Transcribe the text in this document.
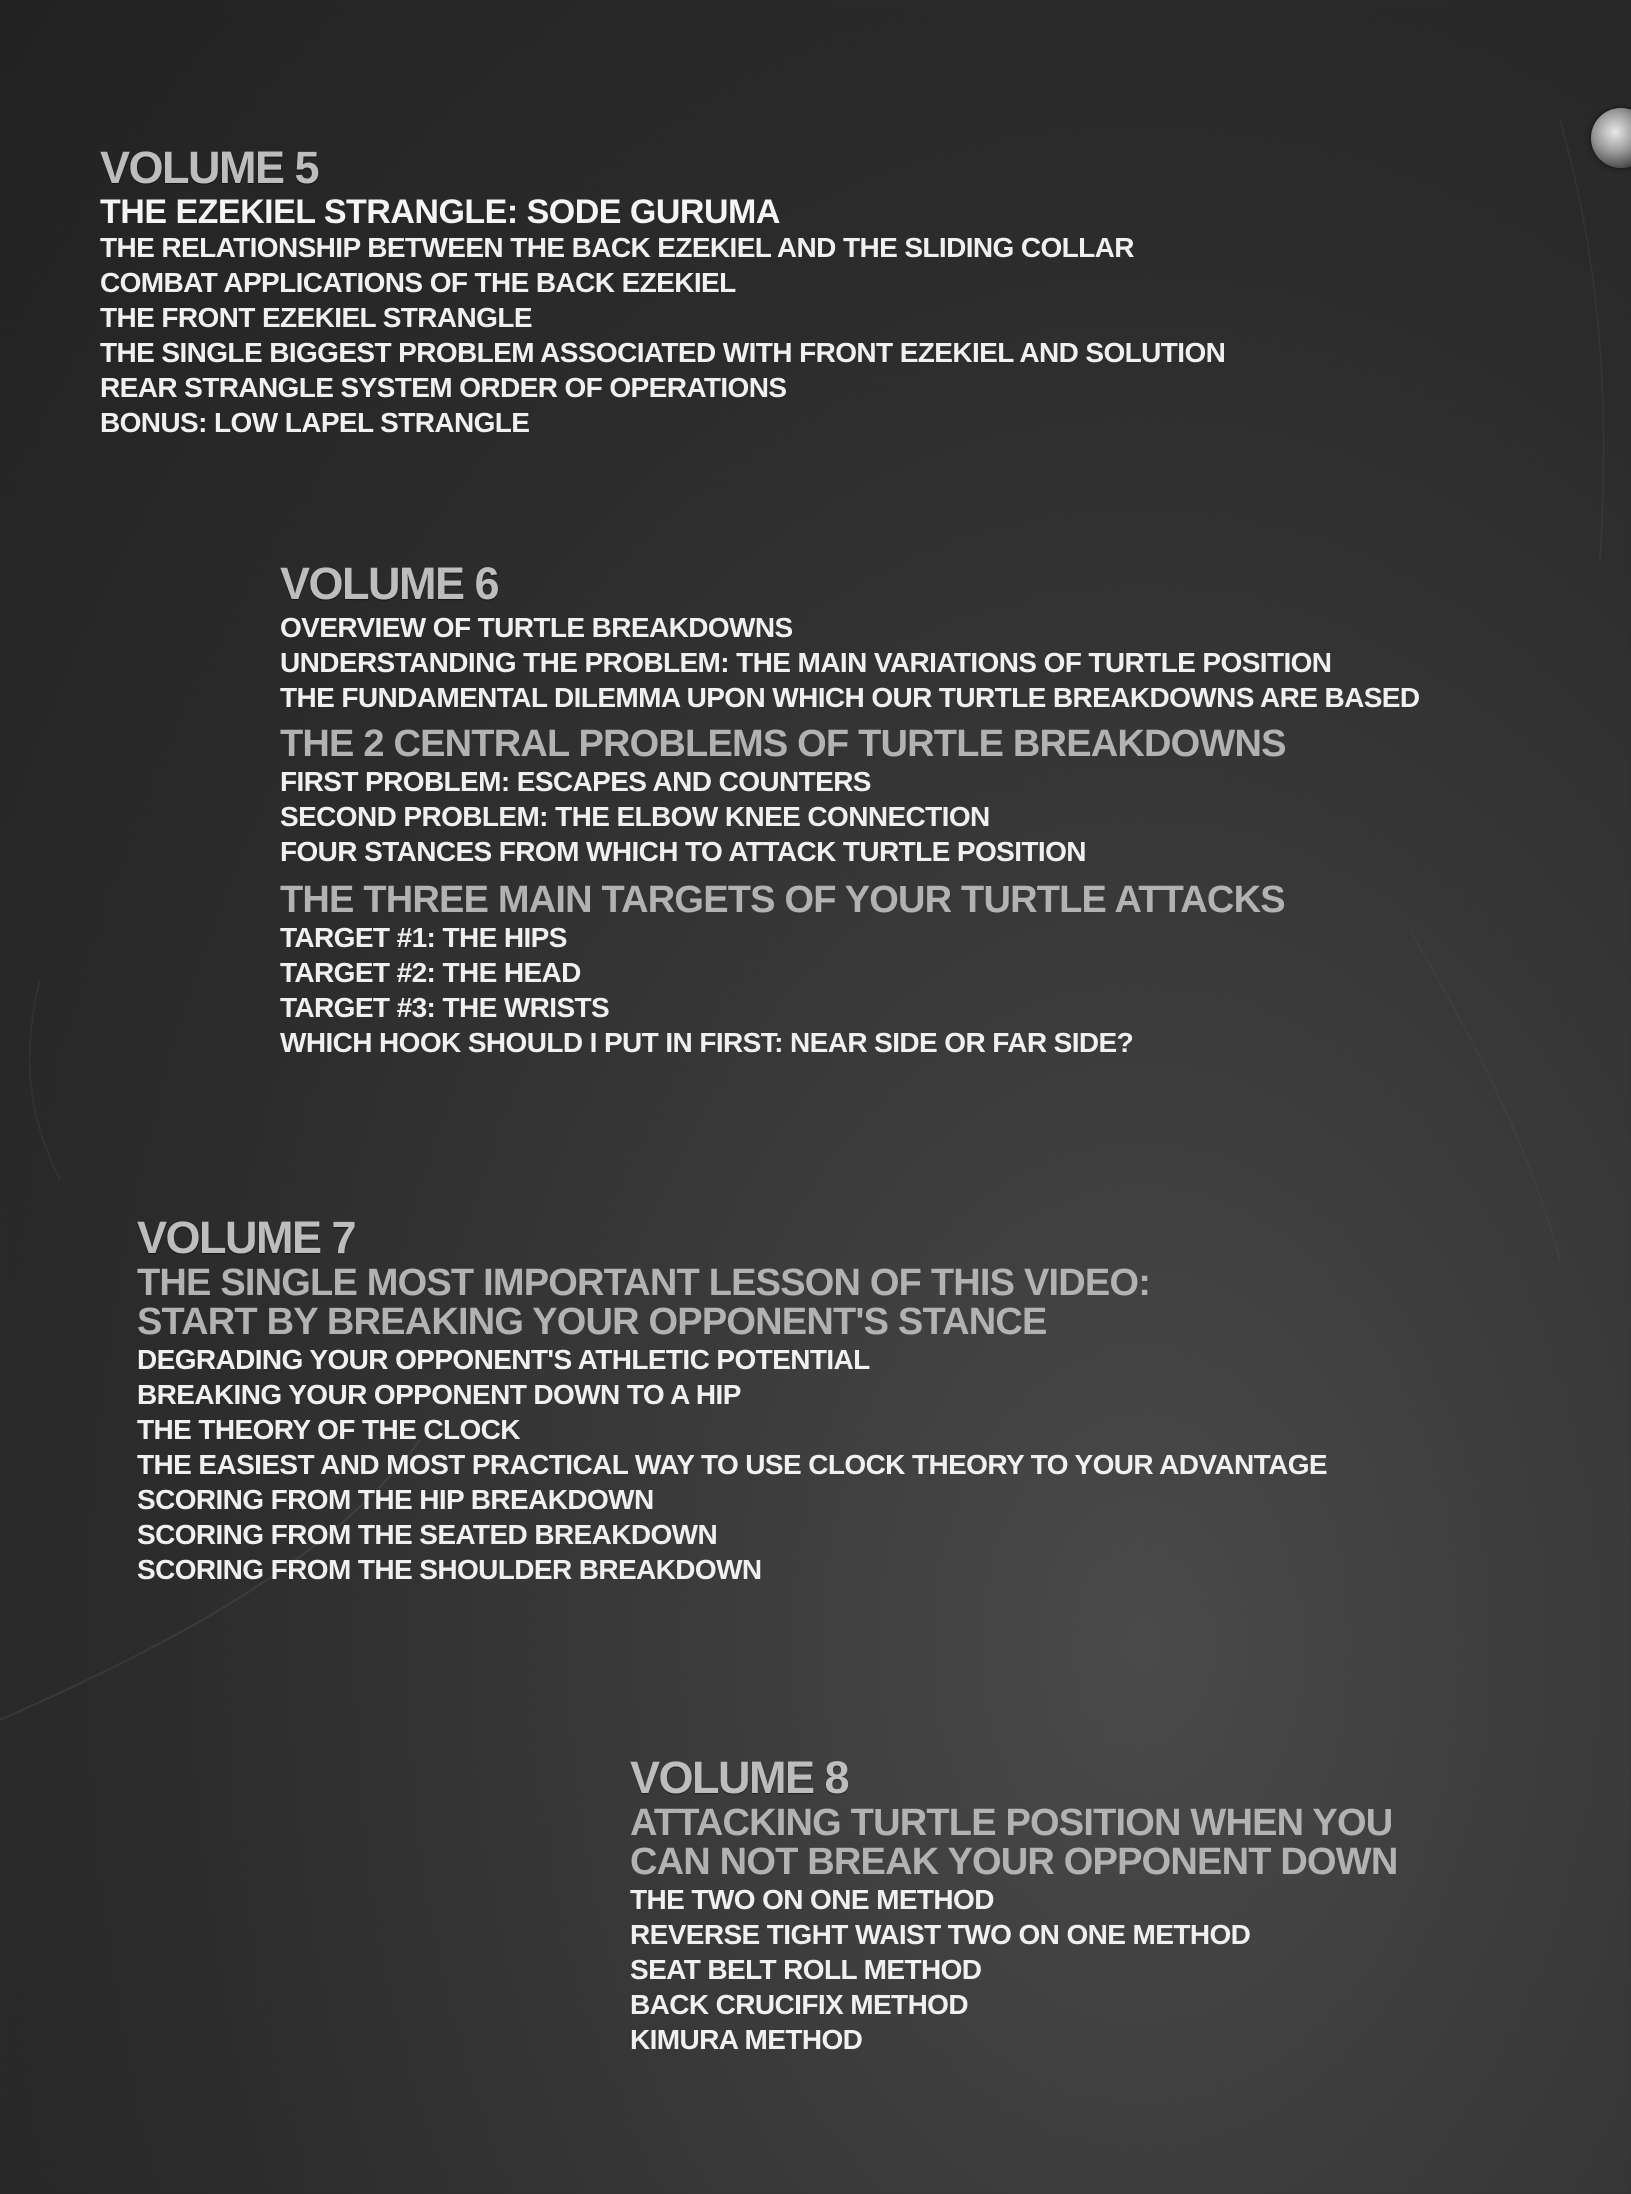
VOLUME 5
THE EZEKIEL STRANGLE: SODE GURUMA
THE RELATIONSHIP BETWEEN THE BACK EZEKIEL AND THE SLIDING COLLAR
COMBAT APPLICATIONS OF THE BACK EZEKIEL
THE FRONT EZEKIEL STRANGLE
THE SINGLE BIGGEST PROBLEM ASSOCIATED WITH FRONT EZEKIEL AND SOLUTION
REAR STRANGLE SYSTEM ORDER OF OPERATIONS
BONUS: LOW LAPEL STRANGLE
VOLUME 6
OVERVIEW OF TURTLE BREAKDOWNS
UNDERSTANDING THE PROBLEM: THE MAIN VARIATIONS OF TURTLE POSITION
THE FUNDAMENTAL DILEMMA UPON WHICH OUR TURTLE BREAKDOWNS ARE BASED
THE 2 CENTRAL PROBLEMS OF TURTLE BREAKDOWNS
FIRST PROBLEM: ESCAPES AND COUNTERS
SECOND PROBLEM: THE ELBOW KNEE CONNECTION
FOUR STANCES FROM WHICH TO ATTACK TURTLE POSITION
THE THREE MAIN TARGETS OF YOUR TURTLE ATTACKS
TARGET #1: THE HIPS
TARGET #2: THE HEAD
TARGET #3: THE WRISTS
WHICH HOOK SHOULD I PUT IN FIRST: NEAR SIDE OR FAR SIDE?
VOLUME 7
THE SINGLE MOST IMPORTANT LESSON OF THIS VIDEO:
START BY BREAKING YOUR OPPONENT'S STANCE
DEGRADING YOUR OPPONENT'S ATHLETIC POTENTIAL
BREAKING YOUR OPPONENT DOWN TO A HIP
THE THEORY OF THE CLOCK
THE EASIEST AND MOST PRACTICAL WAY TO USE CLOCK THEORY TO YOUR ADVANTAGE
SCORING FROM THE HIP BREAKDOWN
SCORING FROM THE SEATED BREAKDOWN
SCORING FROM THE SHOULDER BREAKDOWN
VOLUME 8
ATTACKING TURTLE POSITION WHEN YOU
CAN NOT BREAK YOUR OPPONENT DOWN
THE TWO ON ONE METHOD
REVERSE TIGHT WAIST TWO ON ONE METHOD
SEAT BELT ROLL METHOD
BACK CRUCIFIX METHOD
KIMURA METHOD
